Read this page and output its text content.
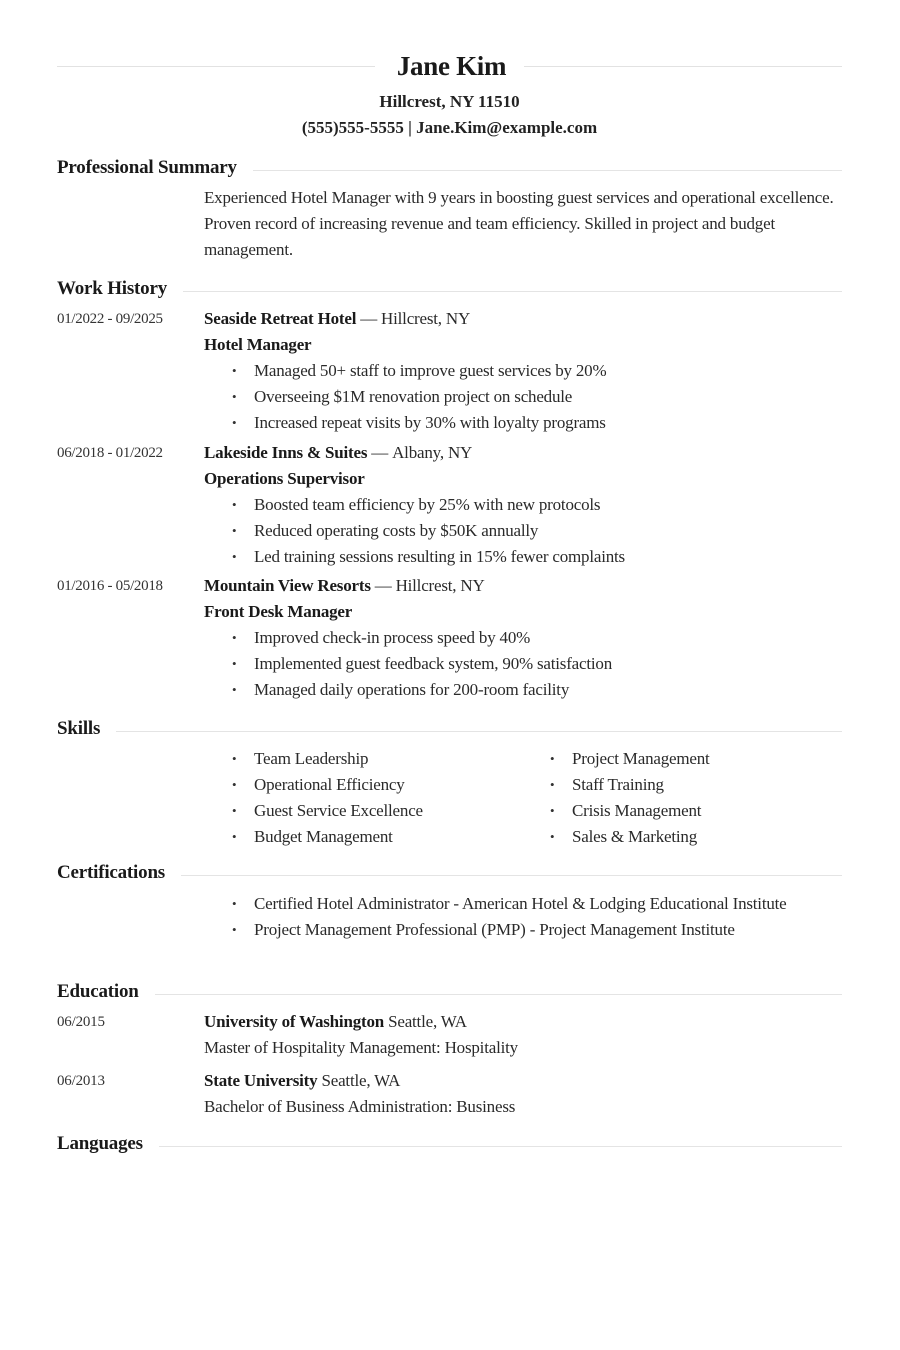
Jane Kim
Hillcrest, NY 11510
(555)555-5555 | Jane.Kim@example.com
Professional Summary
Experienced Hotel Manager with 9 years in boosting guest services and operational excellence. Proven record of increasing revenue and team efficiency. Skilled in project and budget management.
Work History
01/2022 - 09/2025 Seaside Retreat Hotel — Hillcrest, NY
Hotel Manager
• Managed 50+ staff to improve guest services by 20%
• Overseeing $1M renovation project on schedule
• Increased repeat visits by 30% with loyalty programs
06/2018 - 01/2022 Lakeside Inns & Suites — Albany, NY
Operations Supervisor
• Boosted team efficiency by 25% with new protocols
• Reduced operating costs by $50K annually
• Led training sessions resulting in 15% fewer complaints
01/2016 - 05/2018 Mountain View Resorts — Hillcrest, NY
Front Desk Manager
• Improved check-in process speed by 40%
• Implemented guest feedback system, 90% satisfaction
• Managed daily operations for 200-room facility
Skills
• Team Leadership
• Operational Efficiency
• Guest Service Excellence
• Budget Management
• Project Management
• Staff Training
• Crisis Management
• Sales & Marketing
Certifications
• Certified Hotel Administrator - American Hotel & Lodging Educational Institute
• Project Management Professional (PMP) - Project Management Institute
Education
06/2015	University of Washington Seattle, WA
Master of Hospitality Management: Hospitality
06/2013	State University Seattle, WA
Bachelor of Business Administration: Business
Languages
